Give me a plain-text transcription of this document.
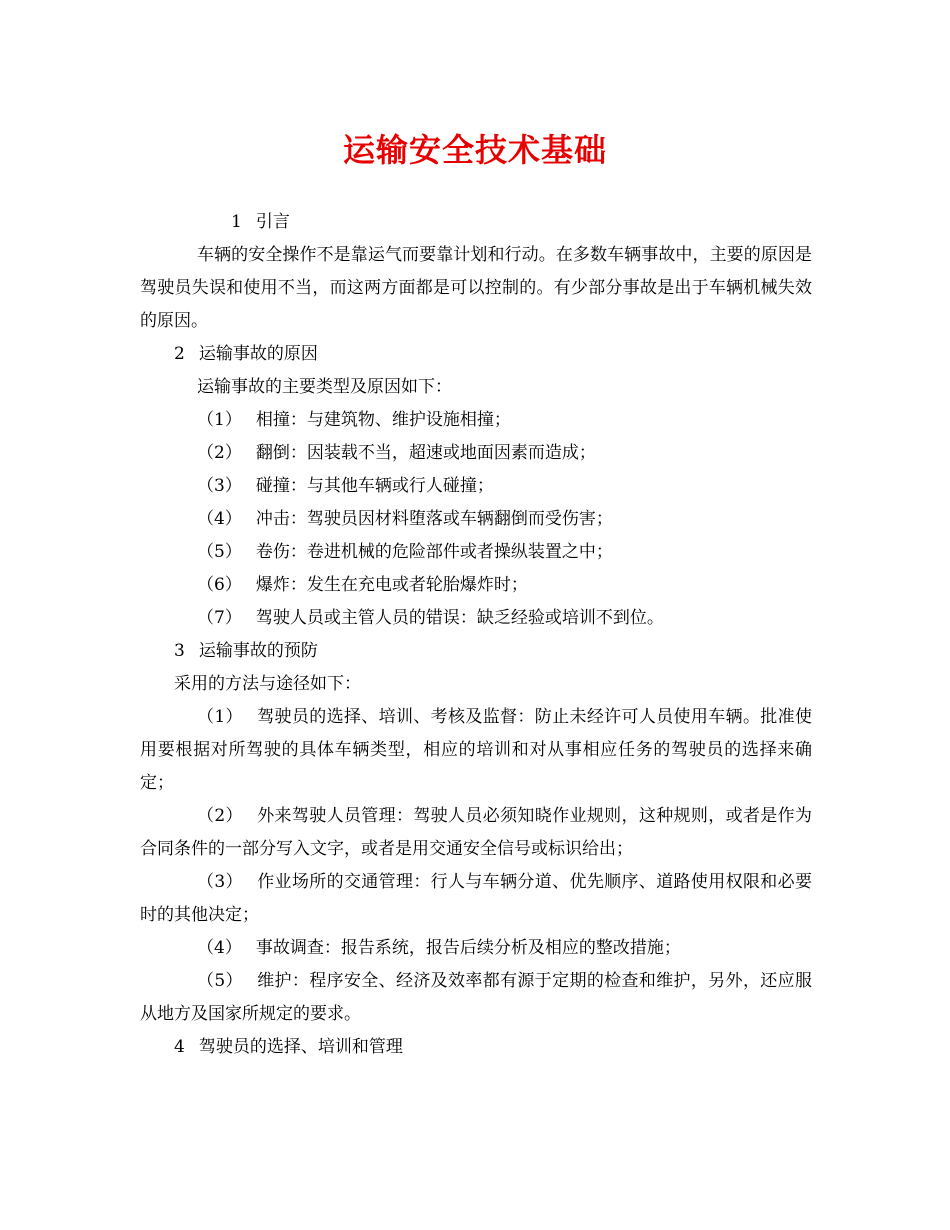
运输安全技术基础

1 引言

车辆的安全操作不是靠运气而要靠计划和行动。在多数车辆事故中，主要的原因是驾驶员失误和使用不当，而这两方面都是可以控制的。有少部分事故是出于车辆机械失效的原因。

2 运输事故的原因

运输事故的主要类型及原因如下：

（1） 相撞：与建筑物、维护设施相撞；

（2） 翻倒：因装载不当，超速或地面因素而造成；

（3） 碰撞：与其他车辆或行人碰撞；

（4） 冲击：驾驶员因材料堕落或车辆翻倒而受伤害；

（5） 卷伤：卷进机械的危险部件或者操纵装置之中；

（6） 爆炸：发生在充电或者轮胎爆炸时；

（7） 驾驶人员或主管人员的错误：缺乏经验或培训不到位。

3 运输事故的预防

采用的方法与途径如下：

（1） 驾驶员的选择、培训、考核及监督：防止未经许可人员使用车辆。批准使用要根据对所驾驶的具体车辆类型，相应的培训和对从事相应任务的驾驶员的选择来确定；

（2） 外来驾驶人员管理：驾驶人员必须知晓作业规则，这种规则，或者是作为合同条件的一部分写入文字，或者是用交通安全信号或标识给出；

（3） 作业场所的交通管理：行人与车辆分道、优先顺序、道路使用权限和必要时的其他决定；

（4） 事故调查：报告系统，报告后续分析及相应的整改措施；

（5） 维护：程序安全、经济及效率都有源于定期的检查和维护，另外，还应服从地方及国家所规定的要求。

4 驾驶员的选择、培训和管理
